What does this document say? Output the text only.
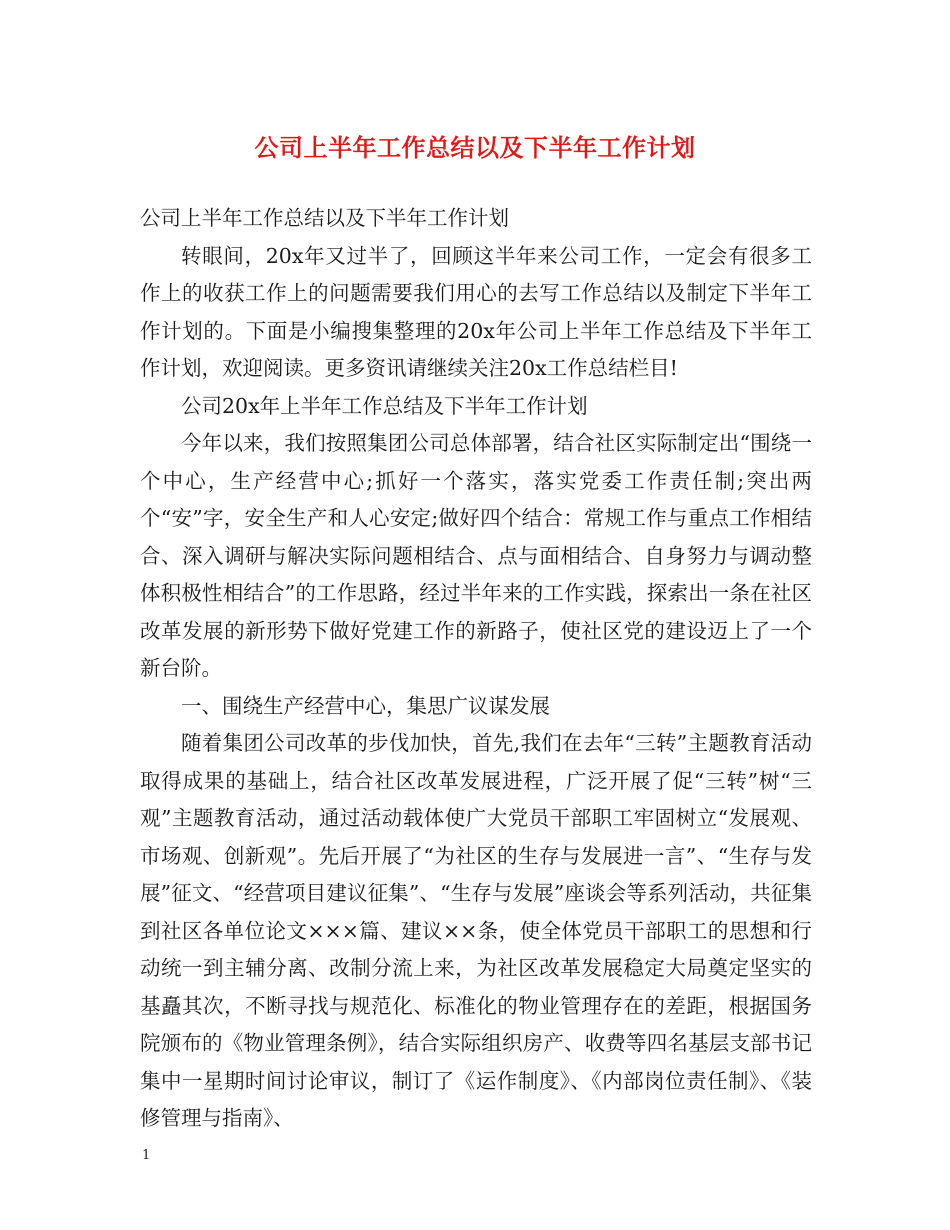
公司上半年工作总结以及下半年工作计划

公司上半年工作总结以及下半年工作计划

转眼间，20x年又过半了，回顾这半年来公司工作，一定会有很多工作上的收获工作上的问题需要我们用心的去写工作总结以及制定下半年工作计划的。下面是小编搜集整理的20x年公司上半年工作总结及下半年工作计划，欢迎阅读。更多资讯请继续关注20x工作总结栏目!

公司20x年上半年工作总结及下半年工作计划

今年以来，我们按照集团公司总体部署，结合社区实际制定出“围绕一个中心，生产经营中心;抓好一个落实，落实党委工作责任制;突出两个“安”字，安全生产和人心安定;做好四个结合：常规工作与重点工作相结合、深入调研与解决实际问题相结合、点与面相结合、自身努力与调动整体积极性相结合”的工作思路，经过半年来的工作实践，探索出一条在社区改革发展的新形势下做好党建工作的新路子，使社区党的建设迈上了一个新台阶。

一、围绕生产经营中心，集思广议谋发展

随着集团公司改革的步伐加快，首先,我们在去年“三转”主题教育活动取得成果的基础上，结合社区改革发展进程，广泛开展了促“三转”树“三观”主题教育活动，通过活动载体使广大党员干部职工牢固树立“发展观、市场观、创新观”。先后开展了“为社区的生存与发展进一言”、“生存与发展”征文、“经营项目建议征集”、“生存与发展”座谈会等系列活动，共征集到社区各单位论文×××篇、建议××条，使全体党员干部职工的思想和行动统一到主辅分离、改制分流上来，为社区改革发展稳定大局奠定坚实的基矗其次，不断寻找与规范化、标准化的物业管理存在的差距，根据国务院颁布的《物业管理条例》，结合实际组织房产、收费等四名基层支部书记集中一星期时间讨论审议，制订了《运作制度》、《内部岗位责任制》、《装修管理与指南》、

1
